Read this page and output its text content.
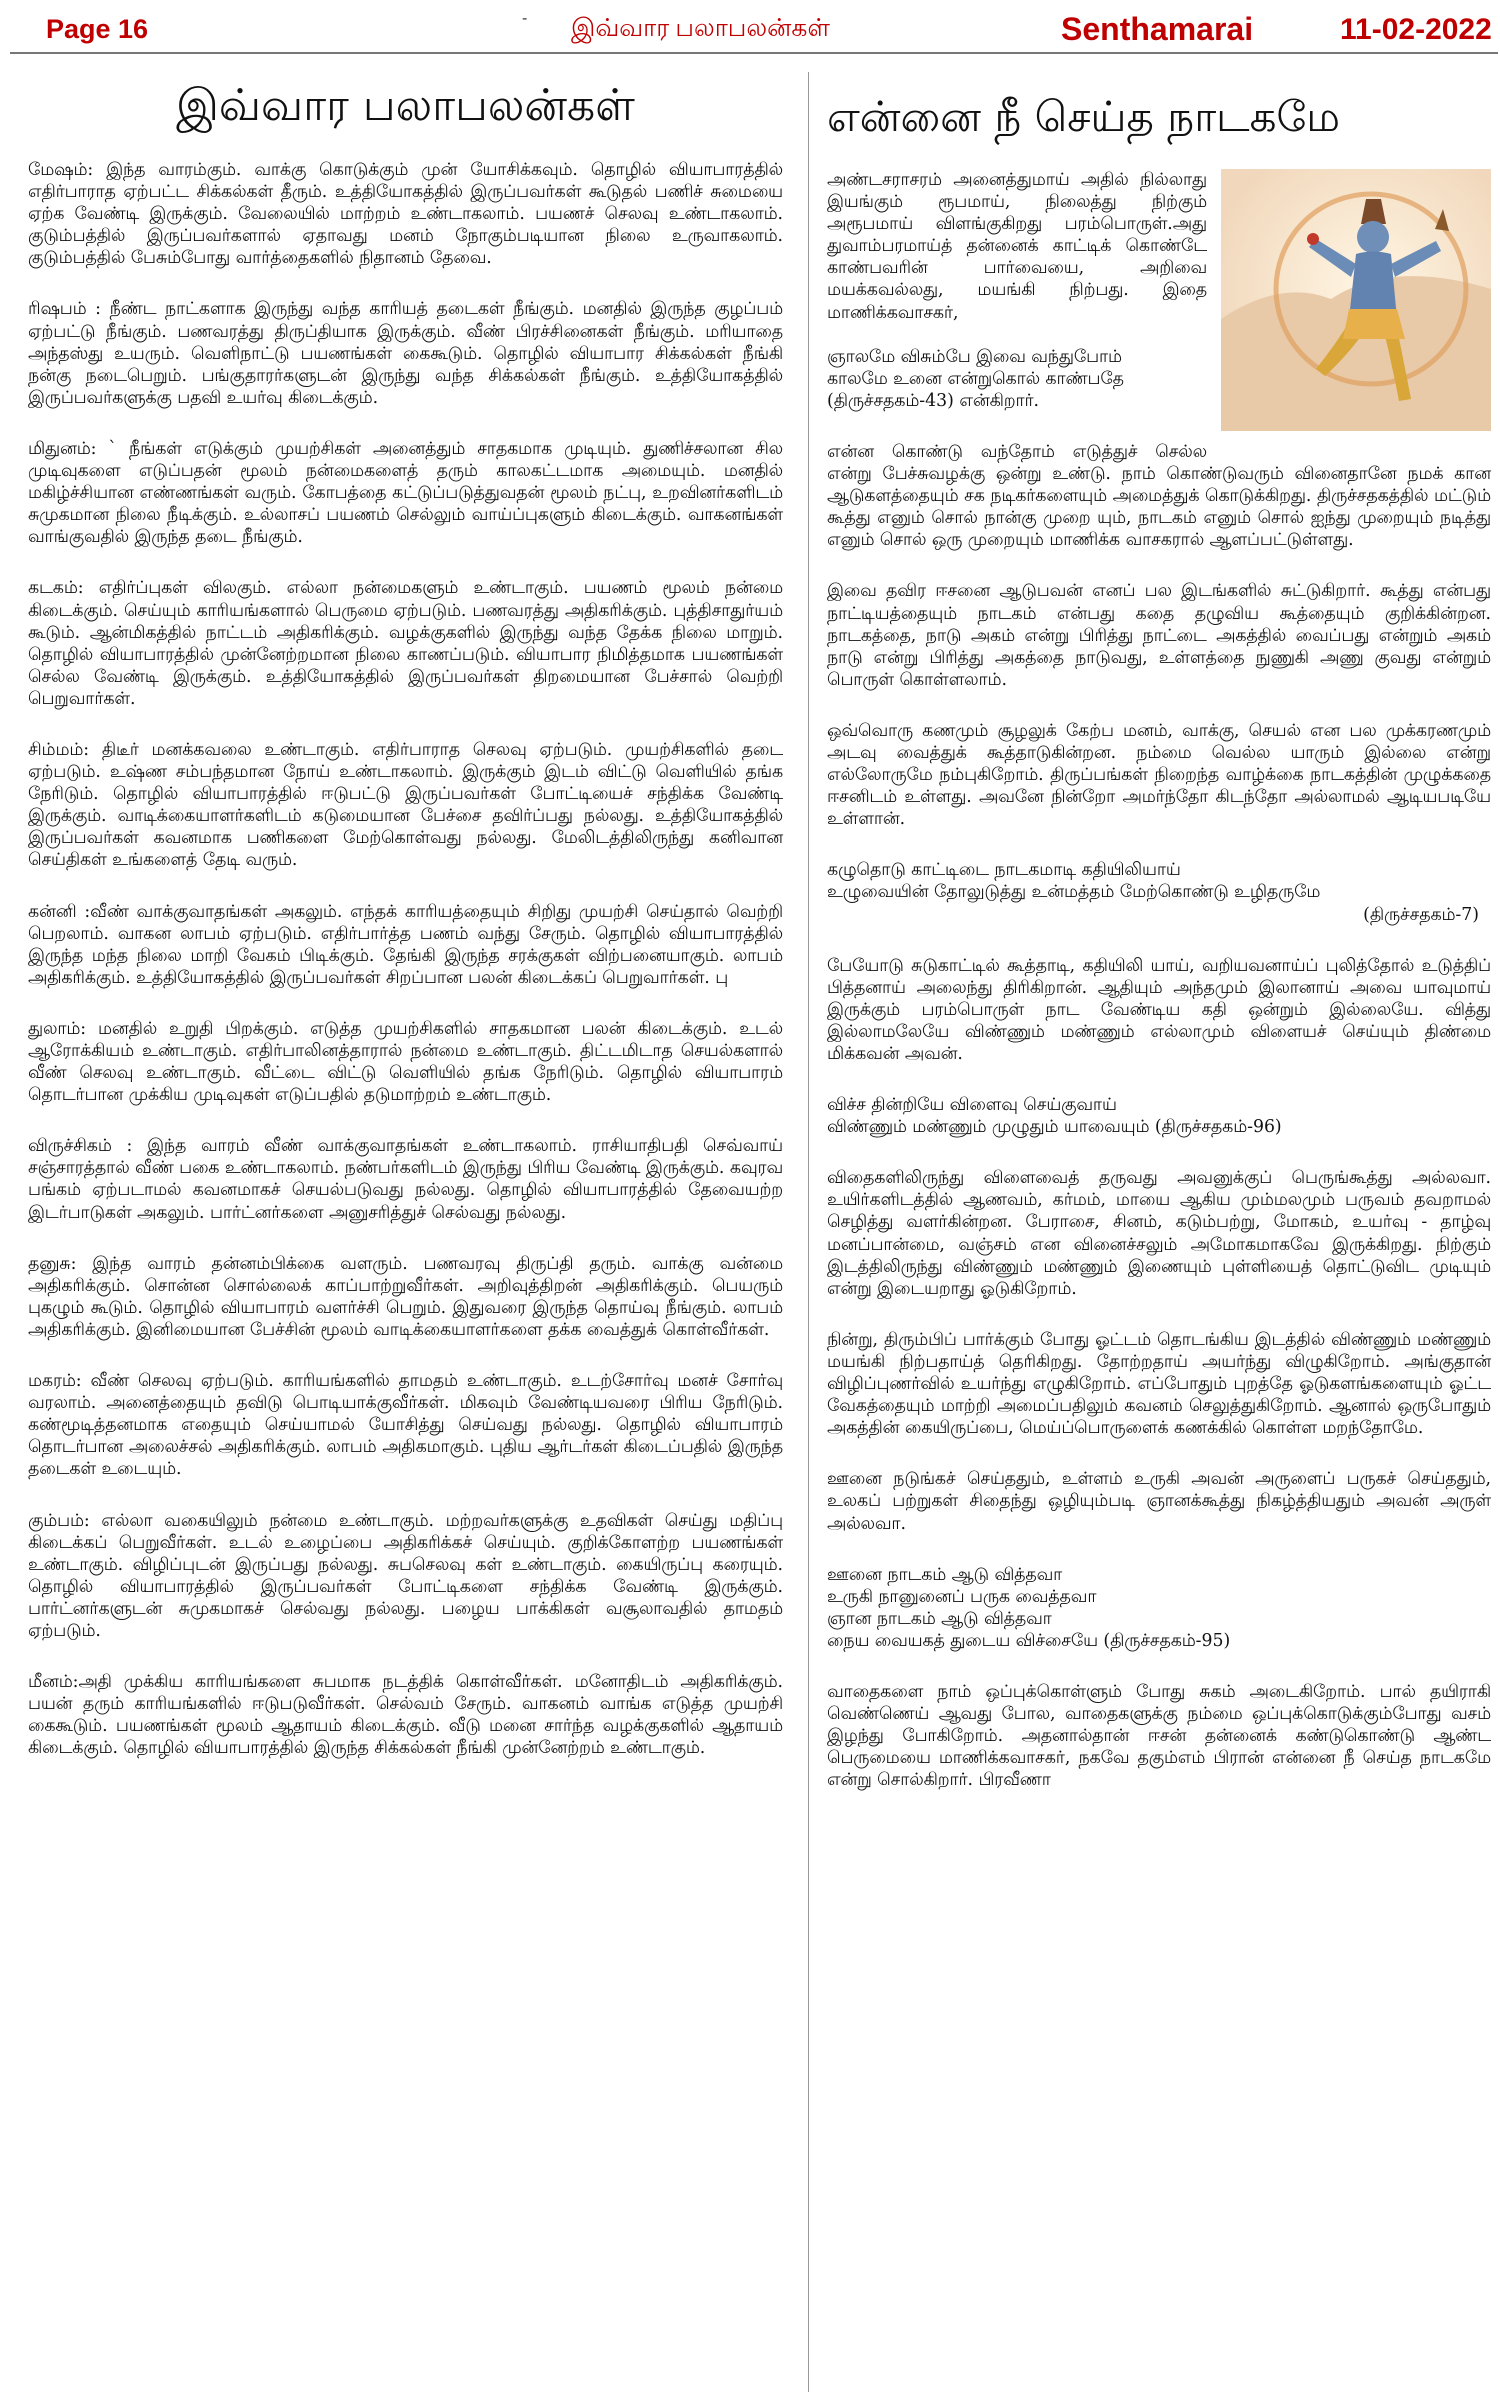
Page 16	- இவ்வார பலாபலன்கள்	Senthamarai	11-02-2022
இவ்வார பலாபலன்கள்

மேஷம்: இந்த வாரம்கும். வாக்கு கொடுக்கும் முன் யோசிக்கவும். தொழில் வியாபாரத்தில் எதிர்பாராத ஏற்பட்ட சிக்கல்கள் தீரும். உத்தியோகத்தில் இருப்பவர்கள் கூடுதல் பணிச் சுமையை ஏற்க வேண்டி இருக்கும். வேலையில் மாற்றம் உண்டாகலாம். பயணச் செலவு உண்டாகலாம். குடும்பத்தில் இருப்பவர்களால் ஏதாவது மனம் நோகும்படியான நிலை உருவாகலாம். குடும்பத்தில் பேசும்போது வார்த்தைகளில் நிதானம் தேவை.

ரிஷபம் : நீண்ட நாட்களாக இருந்து வந்த காரியத் தடைகள் நீங்கும். மனதில் இருந்த குழப்பம் ஏற்பட்டு நீங்கும். பணவரத்து திருப்தியாக இருக்கும். வீண் பிரச்சினைகள் நீங்கும். மரியாதை அந்தஸ்து உயரும். வெளிநாட்டு பயணங்கள் கைகூடும். தொழில் வியாபார சிக்கல்கள் நீங்கி நன்கு நடைபெறும். பங்குதாரர்களுடன் இருந்து வந்த சிக்கல்கள் நீங்கும். உத்தியோகத்தில் இருப்பவர்களுக்கு பதவி உயர்வு கிடைக்கும்.

மிதுனம்: ` நீங்கள் எடுக்கும் முயற்சிகள் அனைத்தும் சாதகமாக முடியும். துணிச்சலான சில முடிவுகளை எடுப்பதன் மூலம் நன்மைகளைத் தரும் காலகட்டமாக அமையும். மனதில் மகிழ்ச்சியான எண்ணங்கள் வரும். கோபத்தை கட்டுப்படுத்துவதன் மூலம் நட்பு, உறவினர்களிடம் சுமுகமான நிலை நீடிக்கும். உல்லாசப் பயணம் செல்லும் வாய்ப்புகளும் கிடைக்கும். வாகனங்கள் வாங்குவதில் இருந்த தடை நீங்கும்.

கடகம்: எதிர்ப்புகள் விலகும். எல்லா நன்மைகளும் உண்டாகும். பயணம் மூலம் நன்மை கிடைக்கும். செய்யும் காரியங்களால் பெருமை ஏற்படும். பணவரத்து அதிகரிக்கும். புத்திசாதுர்யம் கூடும். ஆன்மிகத்தில் நாட்டம் அதிகரிக்கும். வழக்குகளில் இருந்து வந்த தேக்க நிலை மாறும். தொழில் வியாபாரத்தில் முன்னேற்றமான நிலை காணப்படும். வியாபார நிமித்தமாக பயணங்கள் செல்ல வேண்டி இருக்கும். உத்தியோகத்தில் இருப்பவர்கள் திறமையான பேச்சால் வெற்றி பெறுவார்கள்.

சிம்மம்: திடீர் மனக்கவலை உண்டாகும். எதிர்பாராத செலவு ஏற்படும். முயற்சிகளில் தடை ஏற்படும். உஷ்ண சம்பந்தமான நோய் உண்டாகலாம். இருக்கும் இடம் விட்டு வெளியில் தங்க நேரிடும். தொழில் வியாபாரத்தில் ஈடுபட்டு இருப்பவர்கள் போட்டியைச் சந்திக்க வேண்டி இருக்கும். வாடிக்கையாளர்களிடம் கடுமையான பேச்சை தவிர்ப்பது நல்லது. உத்தியோகத்தில் இருப்பவர்கள் கவனமாக பணிகளை மேற்கொள்வது நல்லது. மேலிடத்திலிருந்து கனிவான செய்திகள் உங்களைத் தேடி வரும்.

கன்னி :வீண் வாக்குவாதங்கள் அகலும். எந்தக் காரியத்தையும் சிறிது முயற்சி செய்தால் வெற்றி பெறலாம். வாகன லாபம் ஏற்படும். எதிர்பார்த்த பணம் வந்து சேரும். தொழில் வியாபாரத்தில் இருந்த மந்த நிலை மாறி வேகம் பிடிக்கும். தேங்கி இருந்த சரக்குகள் விற்பனையாகும். லாபம் அதிகரிக்கும். உத்தியோகத்தில் இருப்பவர்கள் சிறப்பான பலன் கிடைக்கப் பெறுவார்கள். பு

துலாம்: மனதில் உறுதி பிறக்கும். எடுத்த முயற்சிகளில் சாதகமான பலன் கிடைக்கும். உடல் ஆரோக்கியம் உண்டாகும். எதிர்பாலினத்தாரால் நன்மை உண்டாகும். திட்டமிடாத செயல்களால் வீண் செலவு உண்டாகும். வீட்டை விட்டு வெளியில் தங்க நேரிடும். தொழில் வியாபாரம் தொடர்பான முக்கிய முடிவுகள் எடுப்பதில் தடுமாற்றம் உண்டாகும்.

விருச்சிகம் : இந்த வாரம் வீண் வாக்குவாதங்கள் உண்டாகலாம். ராசியாதிபதி செவ்வாய் சஞ்சாரத்தால் வீண் பகை உண்டாகலாம். நண்பர்களிடம் இருந்து பிரிய வேண்டி இருக்கும். கவுரவ பங்கம் ஏற்படாமல் கவனமாகச் செயல்படுவது நல்லது. தொழில் வியாபாரத்தில் தேவையற்ற இடர்பாடுகள் அகலும். பார்ட்னர்களை அனுசரித்துச் செல்வது நல்லது.

தனுசு: இந்த வாரம் தன்னம்பிக்கை வளரும். பணவரவு திருப்தி தரும். வாக்கு வன்மை அதிகரிக்கும். சொன்ன சொல்லைக் காப்பாற்றுவீர்கள். அறிவுத்திறன் அதிகரிக்கும். பெயரும் புகழும் கூடும். தொழில் வியாபாரம் வளர்ச்சி பெறும். இதுவரை இருந்த தொய்வு நீங்கும். லாபம் அதிகரிக்கும். இனிமையான பேச்சின் மூலம் வாடிக்கையாளர்களை தக்க வைத்துக் கொள்வீர்கள்.

மகரம்: வீண் செலவு ஏற்படும். காரியங்களில் தாமதம் உண்டாகும். உடற்சோர்வு மனச் சோர்வு வரலாம். அனைத்தையும் தவிடு பொடியாக்குவீர்கள். மிகவும் வேண்டியவரை பிரிய நேரிடும். கண்மூடித்தனமாக எதையும் செய்யாமல் யோசித்து செய்வது நல்லது. தொழில் வியாபாரம் தொடர்பான அலைச்சல் அதிகரிக்கும். லாபம் அதிகமாகும். புதிய ஆர்டர்கள் கிடைப்பதில் இருந்த தடைகள் உடையும்.

கும்பம்: எல்லா வகையிலும் நன்மை உண்டாகும். மற்றவர்களுக்கு உதவிகள் செய்து மதிப்பு கிடைக்கப் பெறுவீர்கள். உடல் உழைப்பை அதிகரிக்கச் செய்யும். குறிக்கோளற்ற பயணங்கள் உண்டாகும். விழிப்புடன் இருப்பது நல்லது. சுபசெலவு கள் உண்டாகும். கையிருப்பு கரையும். தொழில் வியாபாரத்தில் இருப்பவர்கள் போட்டிகளை சந்திக்க வேண்டி இருக்கும். பார்ட்னர்களுடன் சுமுகமாகச் செல்வது நல்லது. பழைய பாக்கிகள் வசூலாவதில் தாமதம் ஏற்படும்.

மீனம்:அதி முக்கிய காரியங்களை சுபமாக நடத்திக் கொள்வீர்கள். மனோதிடம் அதிகரிக்கும். பயன் தரும் காரியங்களில் ஈடுபடுவீர்கள். செல்வம் சேரும். வாகனம் வாங்க எடுத்த முயற்சி கைகூடும். பயணங்கள் மூலம் ஆதாயம் கிடைக்கும். வீடு மனை சார்ந்த வழக்குகளில் ஆதாயம் கிடைக்கும். தொழில் வியாபாரத்தில் இருந்த சிக்கல்கள் நீங்கி முன்னேற்றம் உண்டாகும்.

என்னை நீ செய்த நாடகமே

அண்டசராசரம் அனைத்துமாய் அதில் நில்லாது இயங்கும் ரூபமாய், நிலைத்து நிற்கும் அரூபமாய் விளங்குகிறது பரம்பொருள்.அது துவாம்பரமாய்த் தன்னைக் காட்டிக் கொண்டே காண்பவரின் பார்வையை, அறிவை மயக்கவல்லது, மயங்கி நிற்பது. இதை மாணிக்கவாசகர்,

ஞாலமே விசும்பே இவை வந்துபோம்
காலமே உனை என்றுகொல் காண்பதே
(திருச்சதகம்-43) என்கிறார்.

என்ன கொண்டு வந்தோம் எடுத்துச் செல்ல என்று பேச்சுவழக்கு ஒன்று உண்டு. நாம் கொண்டுவரும் வினைதானே நமக் கான ஆடுகளத்தையும் சக நடிகர்களையும் அமைத்துக் கொடுக்கிறது. திருச்சதகத்தில் மட்டும் கூத்து எனும் சொல் நான்கு முறை யும், நாடகம் எனும் சொல் ஐந்து முறையும் நடித்து எனும் சொல் ஒரு முறையும் மாணிக்க வாசகரால் ஆளப்பட்டுள்ளது.

இவை தவிர ஈசனை ஆடுபவன் எனப் பல இடங்களில் சுட்டுகிறார். கூத்து என்பது நாட்டியத்தையும் நாடகம் என்பது கதை தழுவிய கூத்தையும் குறிக்கின்றன. நாடகத்தை, நாடு அகம் என்று பிரித்து நாட்டை அகத்தில் வைப்பது என்றும் அகம் நாடு என்று பிரித்து அகத்தை நாடுவது, உள்ளத்தை நுணுகி அணு குவது என்றும் பொருள் கொள்ளலாம்.

ஒவ்வொரு கணமும் சூழலுக் கேற்ப மனம், வாக்கு, செயல் என பல முக்கரணமும் அடவு வைத்துக் கூத்தாடுகின்றன. நம்மை வெல்ல யாரும் இல்லை என்று எல்லோருமே நம்புகிறோம். திருப்பங்கள் நிறைந்த வாழ்க்கை நாடகத்தின் முழுக்கதை ஈசனிடம் உள்ளது. அவனே நின்றோ அமர்ந்தோ கிடந்தோ அல்லாமல் ஆடியபடியே உள்ளான்.

கழுதொடு காட்டிடை நாடகமாடி கதியிலியாய்
உழுவையின் தோலுடுத்து உன்மத்தம் மேற்கொண்டு உழிதருமே
(திருச்சதகம்-7)

பேயோடு சுடுகாட்டில் கூத்தாடி, கதியிலி யாய், வறியவனாய்ப் புலித்தோல் உடுத்திப் பித்தனாய் அலைந்து திரிகிறான். ஆதியும் அந்தமும் இலானாய் அவை யாவுமாய் இருக்கும் பரம்பொருள் நாட வேண்டிய கதி ஒன்றும் இல்லையே. வித்து இல்லாமலேயே விண்ணும் மண்ணும் எல்லாமும் விளையச் செய்யும் திண்மை மிக்கவன் அவன்.

விச்ச தின்றியே விளைவு செய்குவாய்
விண்ணும் மண்ணும் முழுதும் யாவையும் (திருச்சதகம்-96)

விதைகளிலிருந்து விளைவைத் தருவது அவனுக்குப் பெருங்கூத்து அல்லவா. உயிர்களிடத்தில் ஆணவம், கர்மம், மாயை ஆகிய மும்மலமும் பருவம் தவறாமல் செழித்து வளர்கின்றன. பேராசை, சினம், கடும்பற்று, மோகம், உயர்வு - தாழ்வு மனப்பான்மை, வஞ்சம் என வினைச்சலும் அமோகமாகவே இருக்கிறது. நிற்கும் இடத்திலிருந்து விண்ணும் மண்ணும் இணையும் புள்ளியைத் தொட்டுவிட முடியும் என்று இடையறாது ஓடுகிறோம்.

நின்று, திரும்பிப் பார்க்கும் போது ஓட்டம் தொடங்கிய இடத்தில் விண்ணும் மண்ணும் மயங்கி நிற்பதாய்த் தெரிகிறது. தோற்றதாய் அயர்ந்து விழுகிறோம். அங்குதான் விழிப்புணர்வில் உயர்ந்து எழுகிறோம். எப்போதும் புறத்தே ஓடுகளங்களையும் ஓட்ட வேகத்தையும் மாற்றி அமைப்பதிலும் கவனம் செலுத்துகிறோம். ஆனால் ஒருபோதும் அகத்தின் கையிருப்பை, மெய்ப்பொருளைக் கணக்கில் கொள்ள மறந்தோமே.

ஊனை நடுங்கச் செய்ததும், உள்ளம் உருகி அவன் அருளைப் பருகச் செய்ததும், உலகப் பற்றுகள் சிதைந்து ஒழியும்படி ஞானக்கூத்து நிகழ்த்தியதும் அவன் அருள் அல்லவா.

ஊனை நாடகம் ஆடு வித்தவா
உருகி நானுனைப் பருக வைத்தவா
ஞான நாடகம் ஆடு வித்தவா
நைய வையகத் துடைய விச்சையே (திருச்சதகம்-95)

வாதைகளை நாம் ஒப்புக்கொள்ளும் போது சுகம் அடைகிறோம். பால் தயிராகி வெண்ணெய் ஆவது போல, வாதைகளுக்கு நம்மை ஒப்புக்கொடுக்கும்போது வசம் இழந்து போகிறோம். அதனால்தான் ஈசன் தன்னைக் கண்டுகொண்டு ஆண்ட பெருமையை மாணிக்கவாசகர், நகவே தகும்எம் பிரான் என்னை நீ செய்த நாடகமே என்று சொல்கிறார். பிரவீணா
